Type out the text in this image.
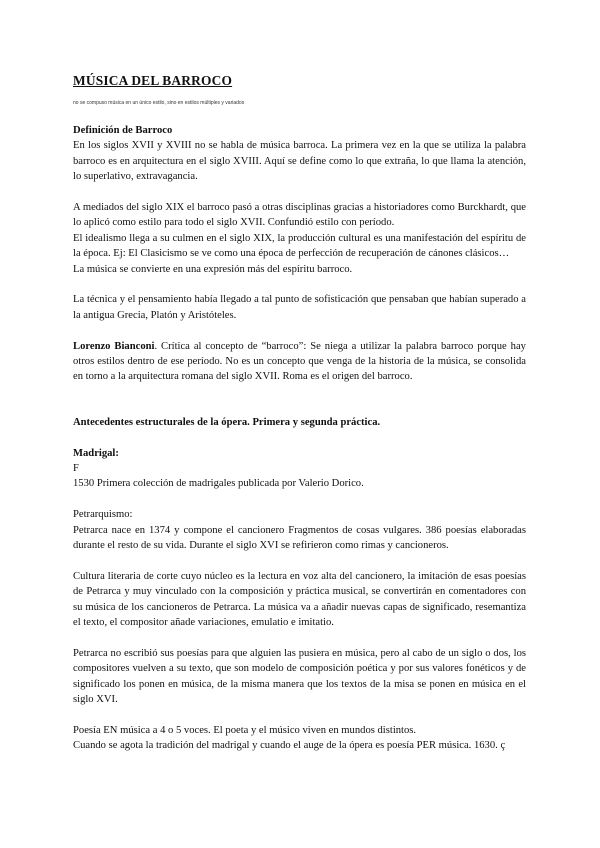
MÚSICA DEL BARROCO
no se compuso música en un único estilo, sino en estilos múltiples y variados

Definición de Barroco

En los siglos XVII y XVIII no se habla de música barroca. La primera vez en la que se utiliza la palabra barroco es en arquitectura en el siglo XVIII. Aquí se define como lo que extraña, lo que llama la atención, lo superlativo, extravagancia.

A mediados del siglo XIX el barroco pasó a otras disciplinas gracias a historiadores como Burckhardt, que lo aplicó como estilo para todo el siglo XVII. Confundió estilo con período.

El idealismo llega a su culmen en el siglo XIX, la producción cultural es una manifestación del espíritu de la época. Ej: El Clasicismo se ve como una época de perfección de recuperación de cánones clásicos…

La música se convierte en una expresión más del espíritu barroco.

La técnica y el pensamiento había llegado a tal punto de sofisticación que pensaban que habían superado a la antigua Grecia, Platón y Aristóteles.

Lorenzo Bianconi. Crítica al concepto de “barroco”: Se niega a utilizar la palabra barroco porque hay otros estilos dentro de ese período. No es un concepto que venga de la historia de la música, se consolida en torno a la arquitectura romana del siglo XVII. Roma es el origen del barroco.

Antecedentes estructurales de la ópera. Primera y segunda práctica.

Madrigal:

F

1530 Primera colección de madrigales publicada por Valerio Dorico.

Petrarquismo:

Petrarca nace en 1374 y compone el cancionero Fragmentos de cosas vulgares. 386 poesías elaboradas durante el resto de su vida. Durante el siglo XVI se refirieron como rimas y cancioneros.

Cultura literaria de corte cuyo núcleo es la lectura en voz alta del cancionero, la imitación de esas poesías de Petrarca y muy vinculado con la composición y práctica musical, se convertirán en comentadores con su música de los cancioneros de Petrarca. La música va a añadir nuevas capas de significado, resemantiza el texto, el compositor añade variaciones, emulatio e imitatio.

Petrarca no escribió sus poesías para que alguien las pusiera en música, pero al cabo de un siglo o dos, los compositores vuelven a su texto, que son modelo de composición poética y por sus valores fonéticos y de significado los ponen en música, de la misma manera que los textos de la misa se ponen en música en el siglo XVI.

Poesía EN música a 4 o 5 voces. El poeta y el músico viven en mundos distintos.

Cuando se agota la tradición del madrigal y cuando el auge de la ópera es poesía PER música. 1630. ç
